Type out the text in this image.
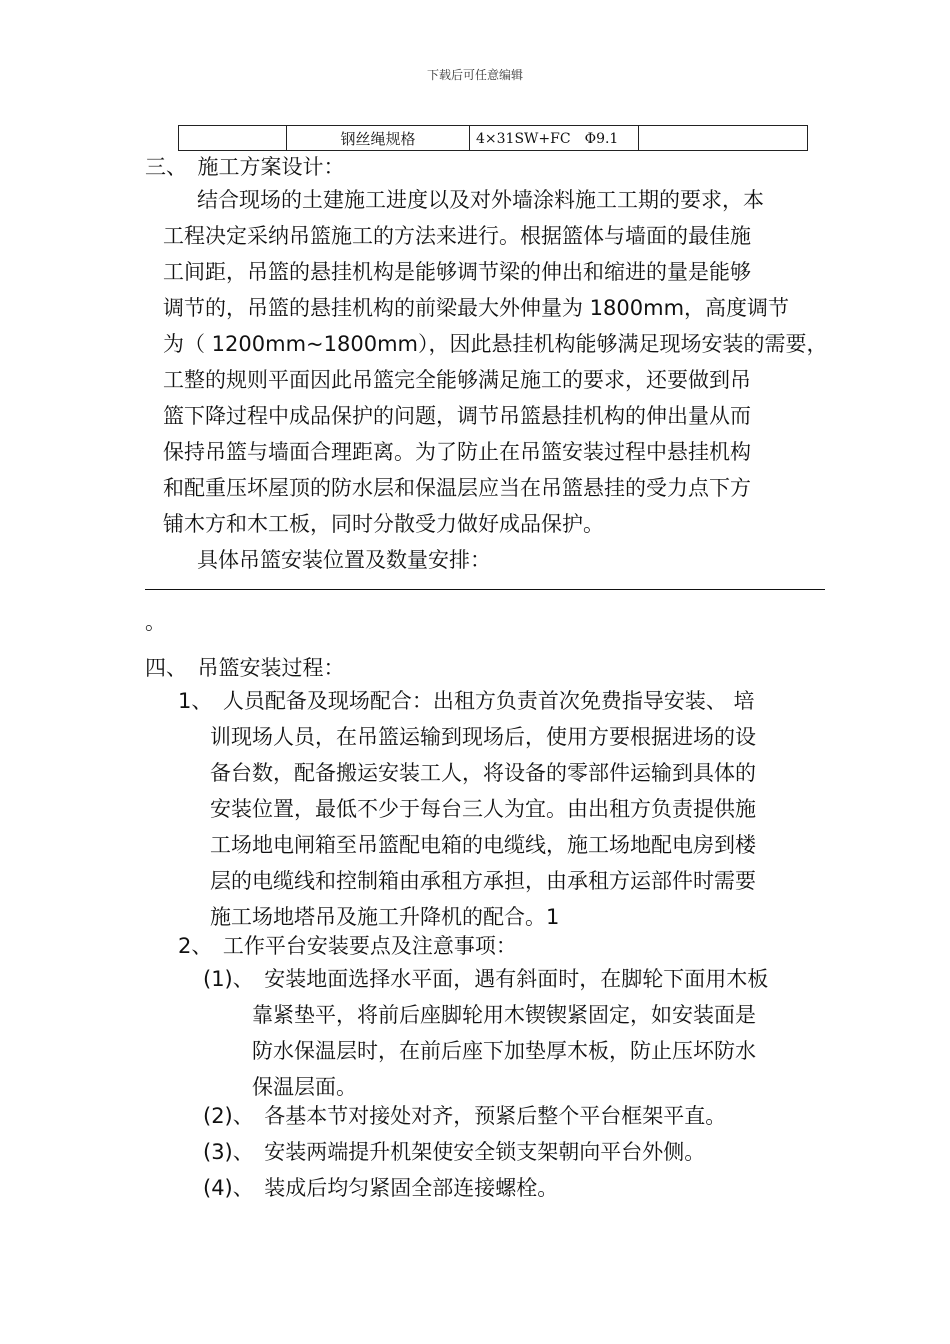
下载后可任意编辑
	钢丝绳规格	4×31SW+FC　Φ9.1	
三、　施工方案设计：
结合现场的土建施工进度以及对外墙涂料施工工期的要求，本
工程决定采纳吊篮施工的方法来进行。根据篮体与墙面的最佳施
工间距，吊篮的悬挂机构是能够调节梁的伸出和缩进的量是能够
调节的，吊篮的悬挂机构的前梁最大外伸量为 1800mm，高度调节
为（ 1200mm~1800mm），因此悬挂机构能够满足现场安装的需要，
工整的规则平面因此吊篮完全能够满足施工的要求，还要做到吊
篮下降过程中成品保护的问题，调节吊篮悬挂机构的伸出量从而
保持吊篮与墙面合理距离。为了防止在吊篮安装过程中悬挂机构
和配重压坏屋顶的防水层和保温层应当在吊篮悬挂的受力点下方
铺木方和木工板，同时分散受力做好成品保护。
具体吊篮安装位置及数量安排：
。
四、　吊篮安装过程：
1、　人员配备及现场配合：出租方负责首次免费指导安装、 培
训现场人员，在吊篮运输到现场后，使用方要根据进场的设
备台数，配备搬运安装工人，将设备的零部件运输到具体的
安装位置，最低不少于每台三人为宜。由出租方负责提供施
工场地电闸箱至吊篮配电箱的电缆线，施工场地配电房到楼
层的电缆线和控制箱由承租方承担，由承租方运部件时需要
施工场地塔吊及施工升降机的配合。1
2、　工作平台安装要点及注意事项：
(1)、　安装地面选择水平面，遇有斜面时，在脚轮下面用木板
靠紧垫平，将前后座脚轮用木锲锲紧固定，如安装面是
防水保温层时，在前后座下加垫厚木板，防止压坏防水
保温层面。
(2)、　各基本节对接处对齐，预紧后整个平台框架平直。
(3)、　安装两端提升机架使安全锁支架朝向平台外侧。
(4)、　装成后均匀紧固全部连接螺栓。
